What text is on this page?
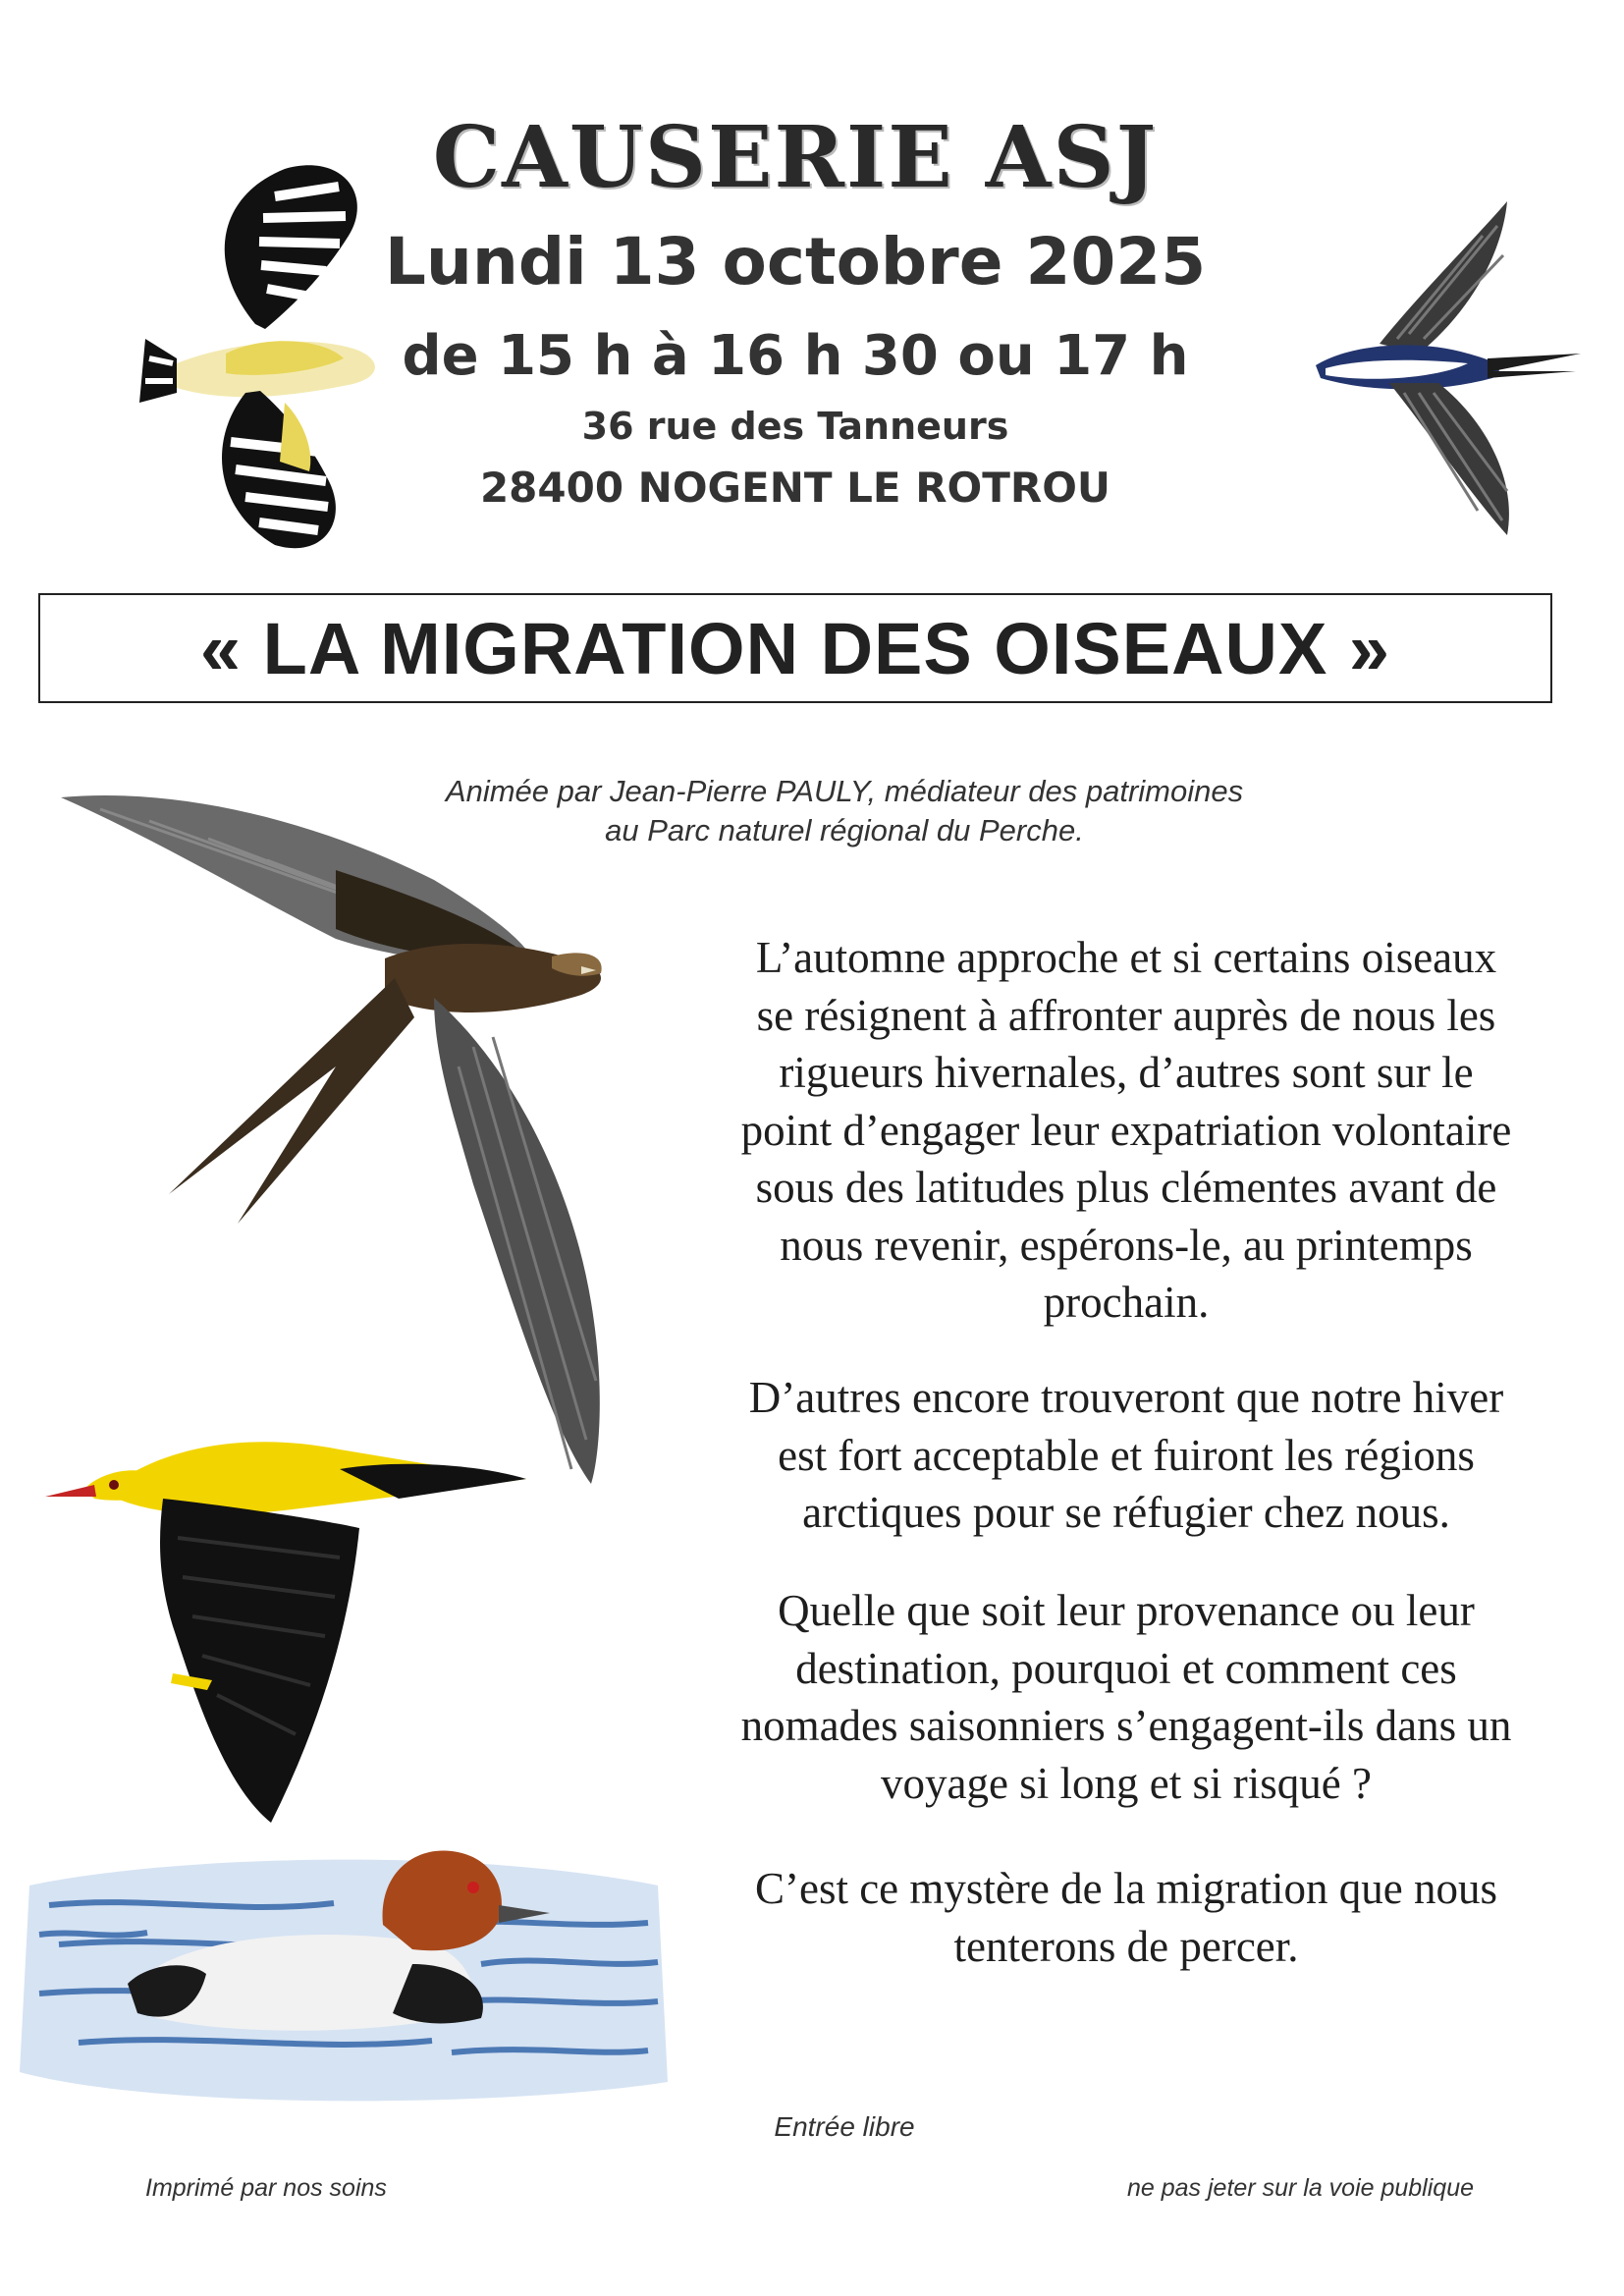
CAUSERIE ASJ
Lundi 13 octobre 2025
de 15 h à 16 h 30 ou 17 h
36 rue des Tanneurs
28400 NOGENT LE ROTROU
« LA MIGRATION DES OISEAUX »
Animée par Jean-Pierre PAULY, médiateur des patrimoines
au Parc naturel régional du Perche.
L’automne approche et si certains oiseaux
se résignent à affronter auprès de nous les
rigueurs hivernales, d’autres sont sur le
point d’engager leur expatriation volontaire
sous des latitudes plus clémentes avant de
nous revenir, espérons-le, au printemps
prochain.
D’autres encore trouveront que notre hiver
est fort acceptable et fuiront les régions
arctiques pour se réfugier chez nous.
Quelle que soit leur provenance ou leur
destination, pourquoi et comment ces
nomades saisonniers s’engagent-ils dans un
voyage si long et si risqué ?
C’est ce mystère de la migration que nous
tenterons de percer.
Entrée libre
Imprimé par nos soins	ne pas jeter sur la voie publique
